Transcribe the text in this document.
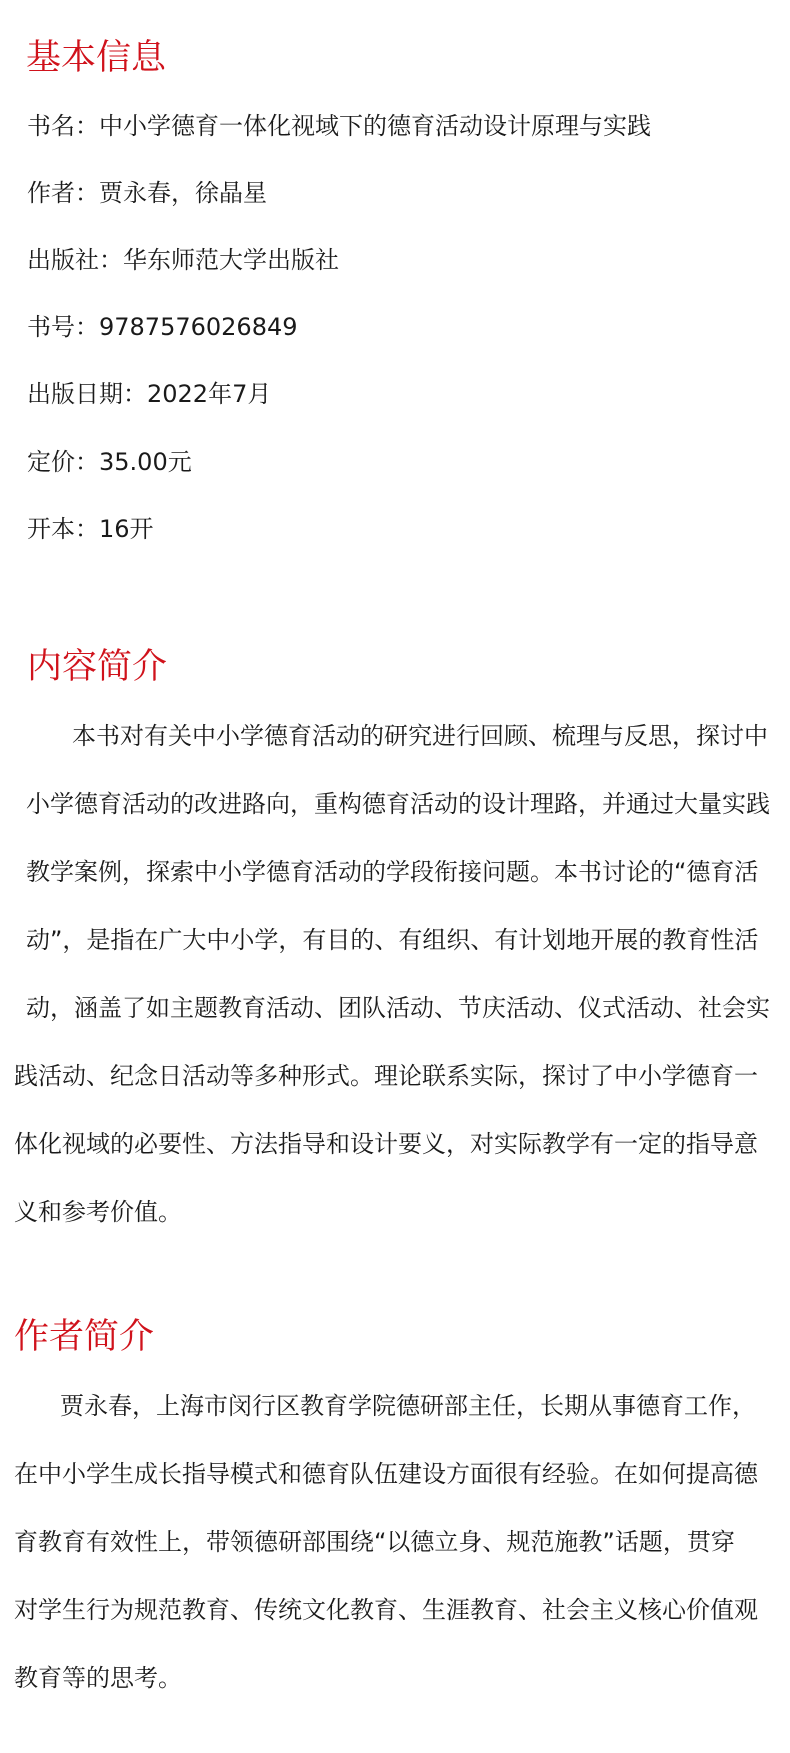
基本信息

书名：中小学德育一体化视域下的德育活动设计原理与实践

作者：贾永春，徐晶星

出版社：华东师范大学出版社

书号：9787576026849

出版日期：2022年7月

定价：35.00元

开本：16开

内容简介
本书对有关中小学德育活动的研究进行回顾、梳理与反思，探讨中
小学德育活动的改进路向，重构德育活动的设计理路，并通过大量实践
教学案例，探索中小学德育活动的学段衔接问题。本书讨论的“德育活
动”，是指在广大中小学，有目的、有组织、有计划地开展的教育性活
动，涵盖了如主题教育活动、团队活动、节庆活动、仪式活动、社会实
践活动、纪念日活动等多种形式。理论联系实际，探讨了中小学德育一
体化视域的必要性、方法指导和设计要义，对实际教学有一定的指导意
义和参考价值。
作者简介
贾永春，上海市闵行区教育学院德研部主任，长期从事德育工作，
在中小学生成长指导模式和德育队伍建设方面很有经验。在如何提高德
育教育有效性上，带领德研部围绕“以德立身、规范施教”话题，贯穿
对学生行为规范教育、传统文化教育、生涯教育、社会主义核心价值观
教育等的思考。
